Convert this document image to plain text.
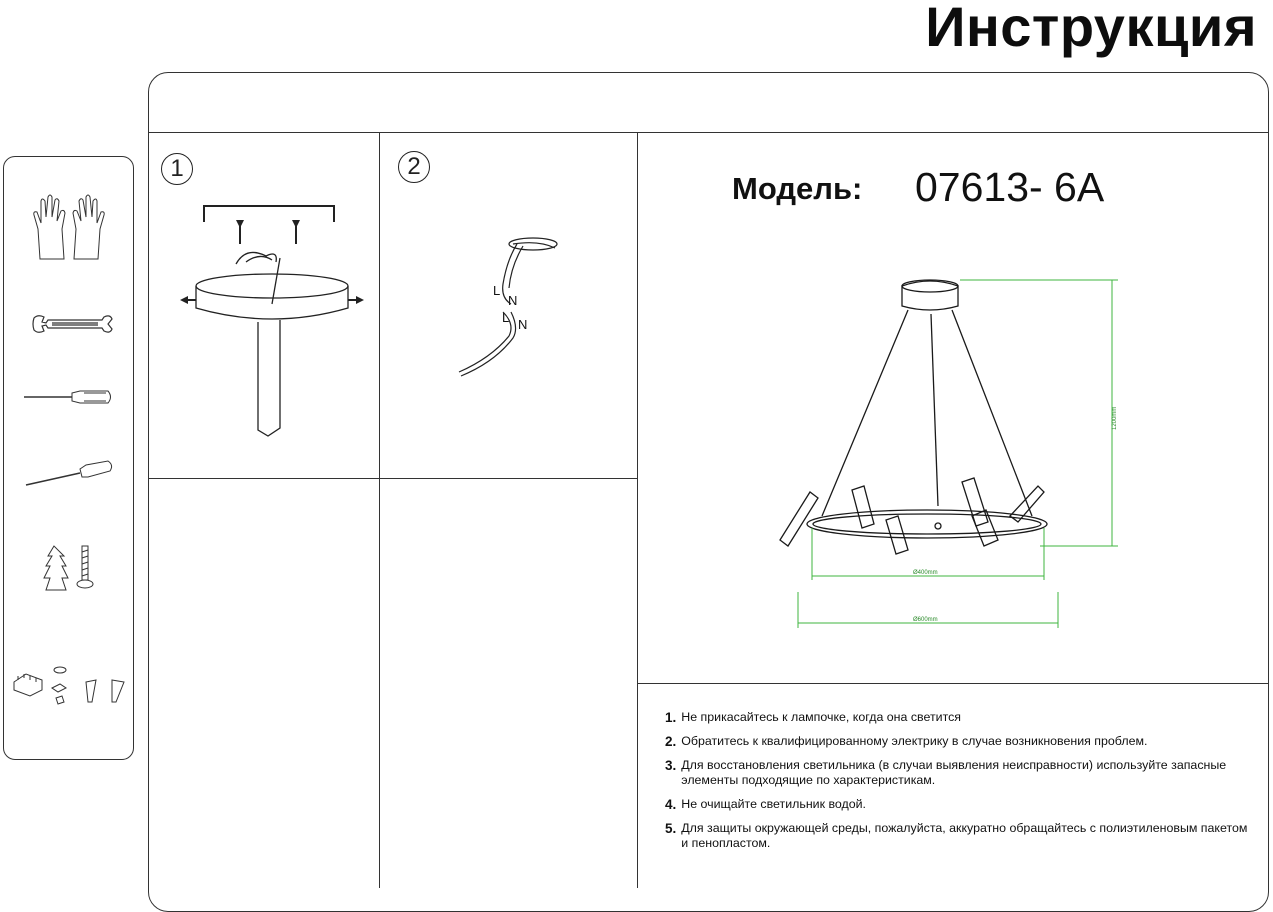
Инструкция
1	2
L
N
L N
Модель: 07613- 6A
1200mm
Ø400mm
Ø600mm
1. Не прикасайтесь к лампочке, когда она светится
2. Обратитесь к квалифицированному электрику в случае возникновения проблем.
3. Для восстановления светильника (в случаи выявления неисправности) используйте запасные элементы подходящие по характеристикам.
4. Не очищайте светильник водой.
5. Для защиты окружающей среды, пожалуйста, аккуратно обращайтесь с полиэтиленовым пакетом и пенопластом.
